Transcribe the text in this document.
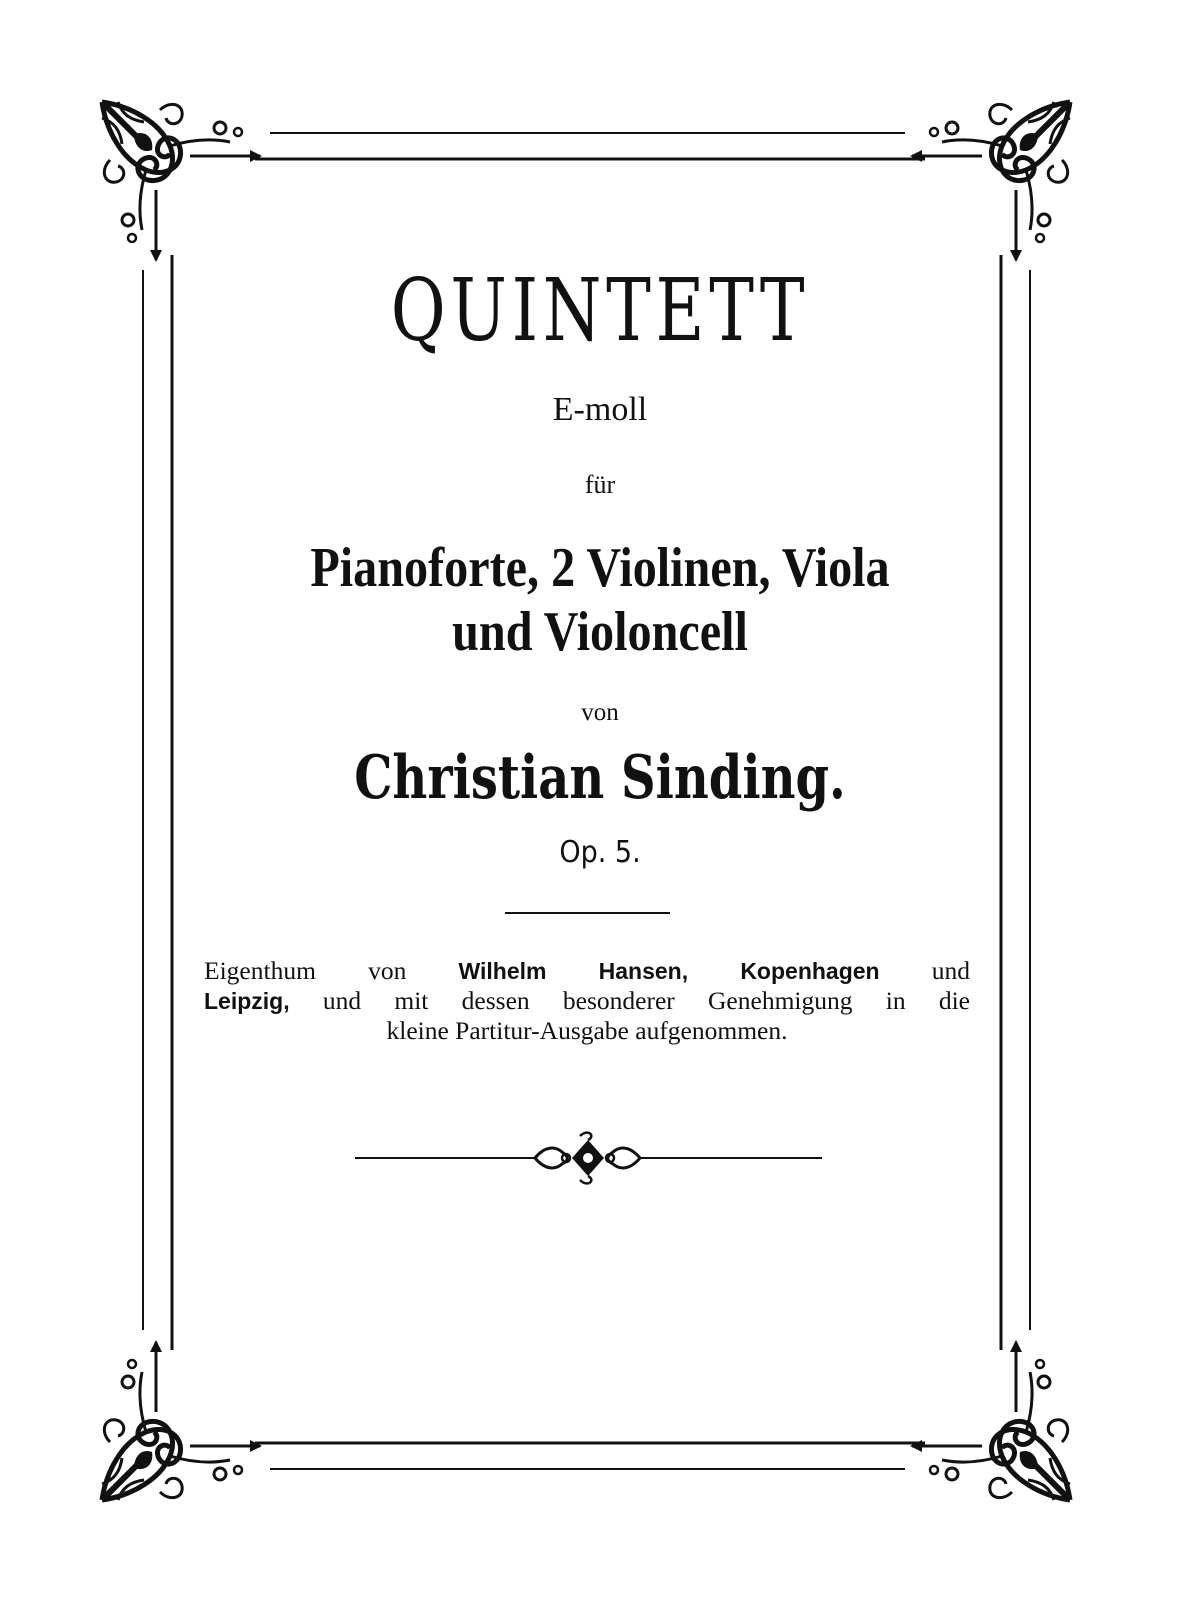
QUINTETT
E-moll
für
Pianoforte, 2 Violinen, Viola
und Violoncell
von
Christian Sinding.
Op. 5.
Eigenthum von Wilhelm Hansen, Kopenhagen und
Leipzig, und mit dessen besonderer Genehmigung in die
kleine Partitur-Ausgabe aufgenommen.
